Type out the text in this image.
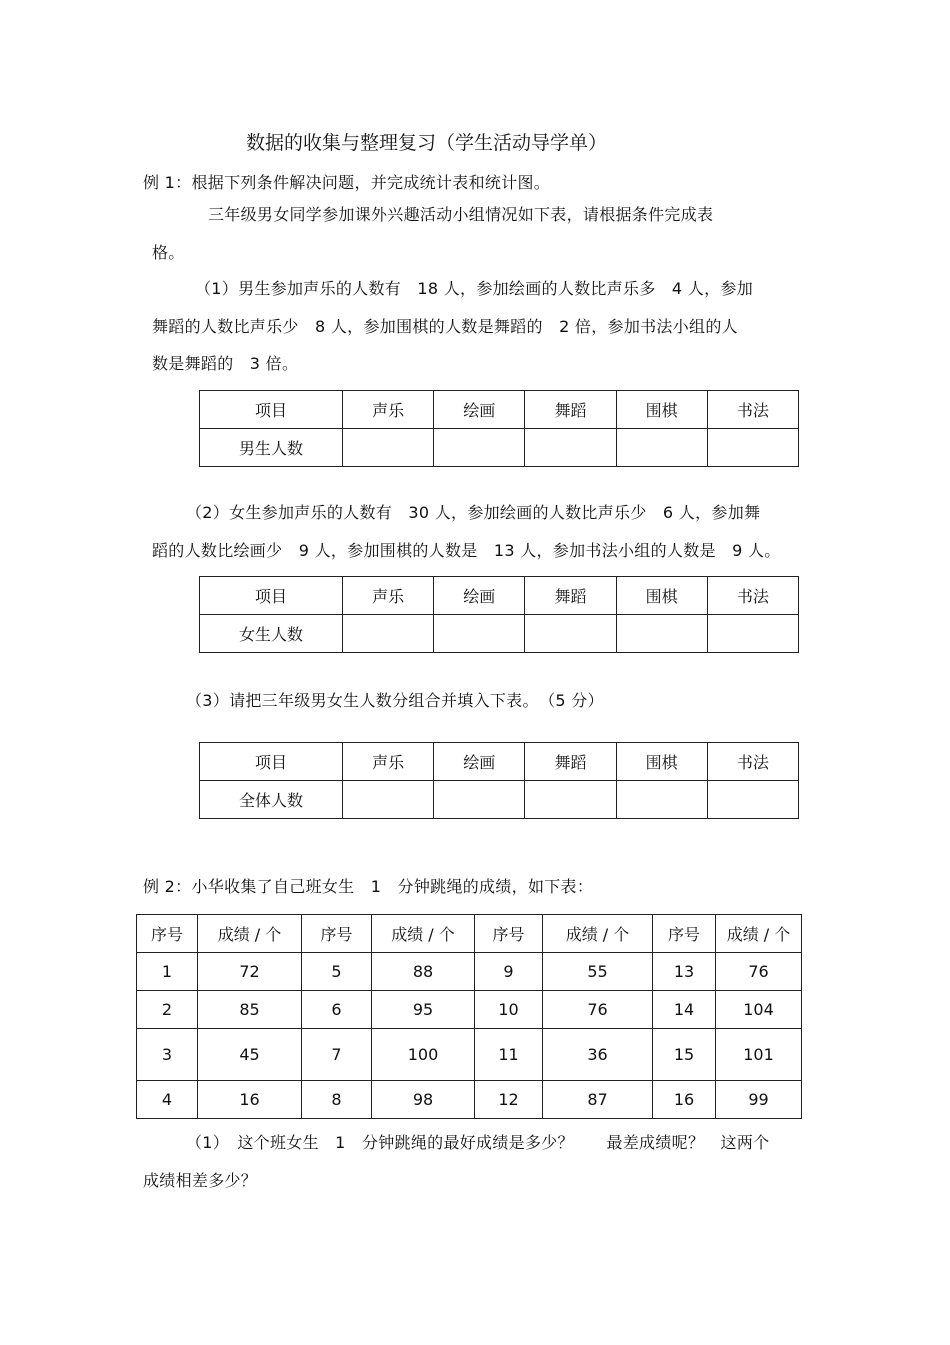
数据的收集与整理复习（学生活动导学单）
例 1：根据下列条件解决问题，并完成统计表和统计图。
三年级男女同学参加课外兴趣活动小组情况如下表，请根据条件完成表
格。
（1）男生参加声乐的人数有　18 人，参加绘画的人数比声乐多　4 人，参加
舞蹈的人数比声乐少　8 人，参加围棋的人数是舞蹈的　2 倍，参加书法小组的人
数是舞蹈的　3 倍。
项目	声乐	绘画	舞蹈	围棋	书法
男生人数					
（2）女生参加声乐的人数有　30 人，参加绘画的人数比声乐少　6 人，参加舞
蹈的人数比绘画少　9 人，参加围棋的人数是　13 人，参加书法小组的人数是　9 人。
项目	声乐	绘画	舞蹈	围棋	书法
女生人数					
（3）请把三年级男女生人数分组合并填入下表。　（5 分）
项目	声乐	绘画	舞蹈	围棋	书法
全体人数					
例 2：小华收集了自己班女生　1　分钟跳绳的成绩，如下表：
序号	成绩 / 个	序号	成绩 / 个	序号	成绩 / 个	序号	成绩 / 个
1	72	5	88	9	55	13	76
2	85	6	95	10	76	14	104
3	45	7	100	11	36	15	101
4	16	8	98	12	87	16	99
（1）　这个班女生　1　分钟跳绳的最好成绩是多少？　　最差成绩呢？　这两个
成绩相差多少？
